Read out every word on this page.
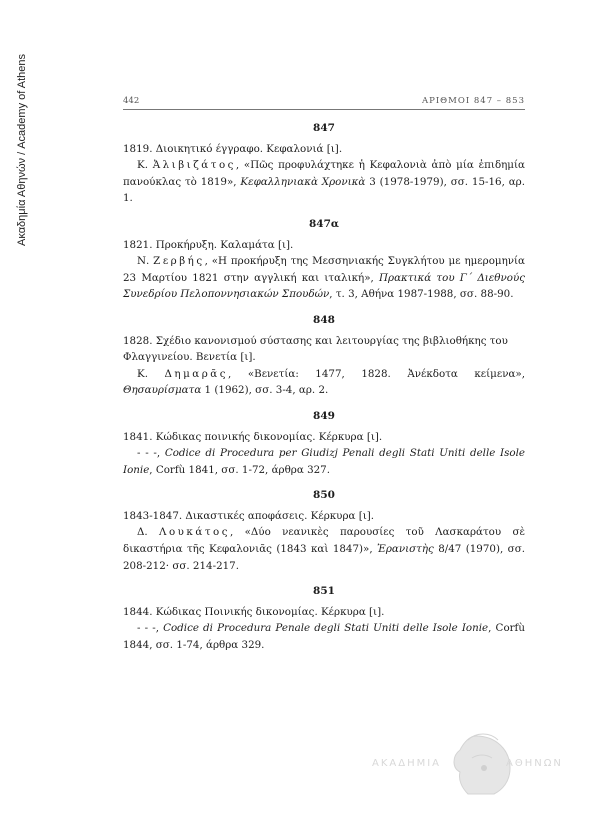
Ακαδημία Αθηνών / Academy of Athens	442	ΑΡΙΘΜΟΙ 847 – 853
847

1819. Διοικητικό έγγραφο. Κεφαλονιά [ι].

Κ. Ἀλιβιζάτος, «Πῶς προφυλάχτηκε ἡ Κεφαλονιὰ ἀπὸ μία ἐπιδημία πανούκλας τὸ 1819», Κεφαλληνιακὰ Χρονικὰ 3 (1978-1979), σσ. 15-16, αρ. 1.

847α

1821. Προκήρυξη. Καλαμάτα [ι].

Ν. Ζερβής, «Η προκήρυξη της Μεσσηνιακής Συγκλήτου με ημερομηνία 23 Μαρτίου 1821 στην αγγλική και ιταλική», Πρακτικά του Γ΄ Διεθνούς Συνεδρίου Πελοποννησιακών Σπουδών, τ. 3, Αθήνα 1987-1988, σσ. 88-90.

848

1828. Σχέδιο κανονισμού σύστασης και λειτουργίας της βιβλιοθήκης του Φλαγγινείου. Βενετία [ι].

Κ. Δημαρᾶς, «Βενετία: 1477, 1828. Ἀνέκδοτα κείμενα», Θησαυρίσματα 1 (1962), σσ. 3-4, αρ. 2.

849

1841. Κώδικας ποινικής δικονομίας. Κέρκυρα [ι].

- - -, Codice di Procedura per Giudizj Penali degli Stati Uniti delle Isole Ionie, Corfù 1841, σσ. 1-72, άρθρα 327.

850

1843-1847. Δικαστικές αποφάσεις. Κέρκυρα [ι].

Δ. Λουκάτος, «Δύο νεανικὲς παρουσίες τοῦ Λασκαράτου σὲ δικαστήρια τῆς Κεφαλονιᾶς (1843 καὶ 1847)», Ἐρανιστὴς 8/47 (1970), σσ. 208-212· σσ. 214-217.

851

1844. Κώδικας Ποινικής δικονομίας. Κέρκυρα [ι].

- - -, Codice di Procedura Penale degli Stati Uniti delle Isole Ionie, Corfù 1844, σσ. 1-74, άρθρα 329.

ΑΚΑΔΗΜΙΑ	ΑΘΗΝΩΝ
